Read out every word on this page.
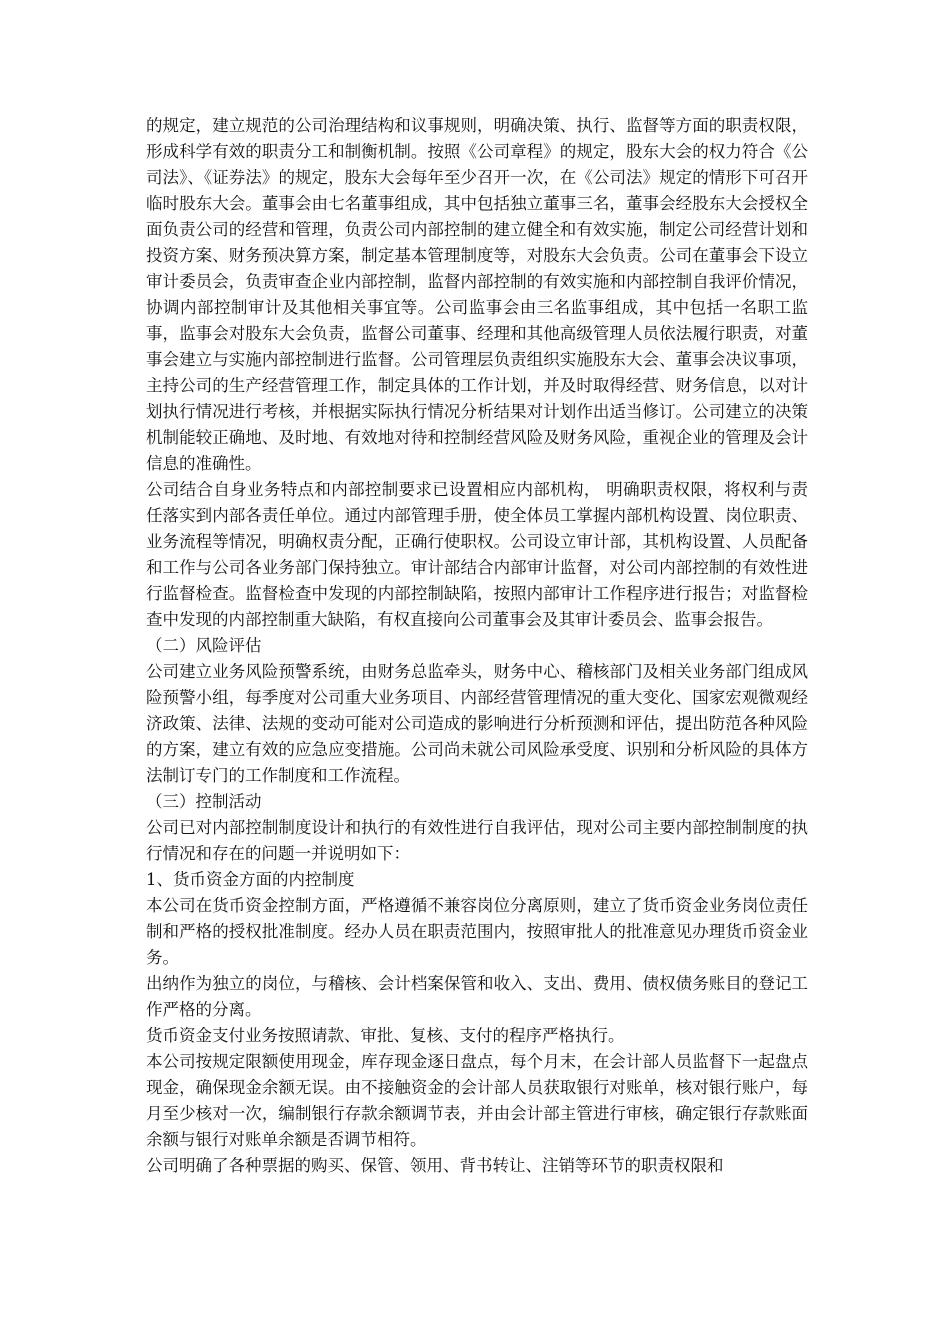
的规定，建立规范的公司治理结构和议事规则，明确决策、执行、监督等方面的职责权限，形成科学有效的职责分工和制衡机制。按照《公司章程》的规定，股东大会的权力符合《公司法》、《证券法》的规定，股东大会每年至少召开一次，在《公司法》规定的情形下可召开临时股东大会。董事会由七名董事组成，其中包括独立董事三名，董事会经股东大会授权全面负责公司的经营和管理，负责公司内部控制的建立健全和有效实施，制定公司经营计划和投资方案、财务预决算方案，制定基本管理制度等，对股东大会负责。公司在董事会下设立审计委员会，负责审查企业内部控制，监督内部控制的有效实施和内部控制自我评价情况，协调内部控制审计及其他相关事宜等。公司监事会由三名监事组成，其中包括一名职工监事，监事会对股东大会负责，监督公司董事、经理和其他高级管理人员依法履行职责，对董事会建立与实施内部控制进行监督。公司管理层负责组织实施股东大会、董事会决议事项，主持公司的生产经营管理工作，制定具体的工作计划，并及时取得经营、财务信息，以对计划执行情况进行考核，并根据实际执行情况分析结果对计划作出适当修订。公司建立的决策机制能较正确地、及时地、有效地对待和控制经营风险及财务风险，重视企业的管理及会计信息的准确性。

公司结合自身业务特点和内部控制要求已设置相应内部机构， 明确职责权限，将权利与责任落实到内部各责任单位。通过内部管理手册，使全体员工掌握内部机构设置、岗位职责、业务流程等情况，明确权责分配，正确行使职权。公司设立审计部，其机构设置、人员配备和工作与公司各业务部门保持独立。审计部结合内部审计监督，对公司内部控制的有效性进行监督检查。监督检查中发现的内部控制缺陷，按照内部审计工作程序进行报告；对监督检查中发现的内部控制重大缺陷，有权直接向公司董事会及其审计委员会、监事会报告。

（二）风险评估

公司建立业务风险预警系统，由财务总监牵头，财务中心、稽核部门及相关业务部门组成风险预警小组，每季度对公司重大业务项目、内部经营管理情况的重大变化、国家宏观微观经济政策、法律、法规的变动可能对公司造成的影响进行分析预测和评估，提出防范各种风险的方案，建立有效的应急应变措施。公司尚未就公司风险承受度、识别和分析风险的具体方法制订专门的工作制度和工作流程。

（三）控制活动

公司已对内部控制制度设计和执行的有效性进行自我评估，现对公司主要内部控制制度的执行情况和存在的问题一并说明如下：

1、货币资金方面的内控制度

本公司在货币资金控制方面，严格遵循不兼容岗位分离原则，建立了货币资金业务岗位责任制和严格的授权批准制度。经办人员在职责范围内，按照审批人的批准意见办理货币资金业务。

出纳作为独立的岗位，与稽核、会计档案保管和收入、支出、费用、债权债务账目的登记工作严格的分离。

货币资金支付业务按照请款、审批、复核、支付的程序严格执行。

本公司按规定限额使用现金，库存现金逐日盘点，每个月末，在会计部人员监督下一起盘点现金，确保现金余额无误。由不接触资金的会计部人员获取银行对账单，核对银行账户，每月至少核对一次，编制银行存款余额调节表，并由会计部主管进行审核，确定银行存款账面余额与银行对账单余额是否调节相符。

公司明确了各种票据的购买、保管、领用、背书转让、注销等环节的职责权限和
